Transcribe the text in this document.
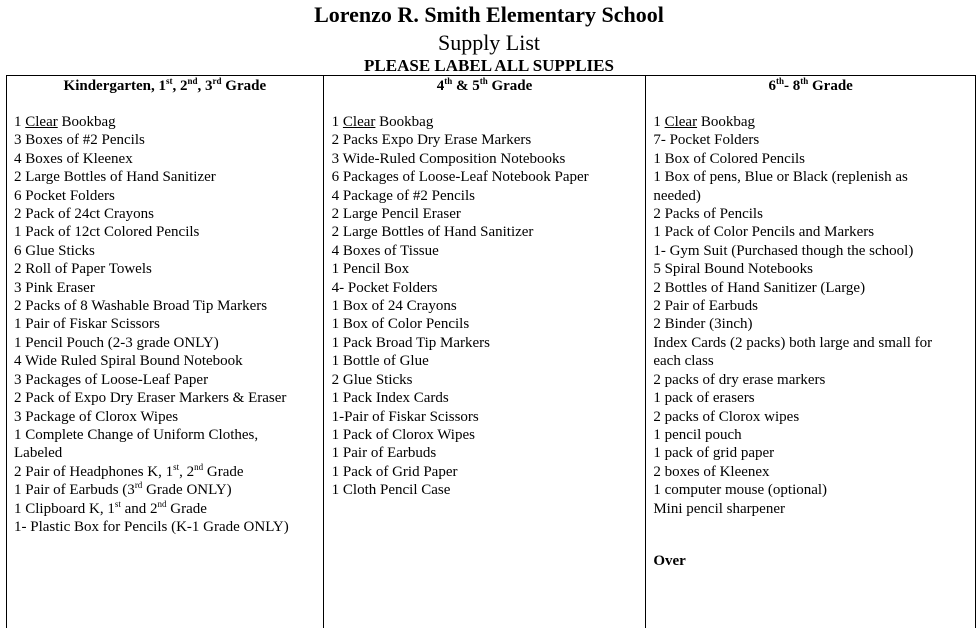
Lorenzo R. Smith Elementary School
Supply List
PLEASE LABEL ALL SUPPLIES
Kindergarten, 1st, 2nd, 3rd Grade
1 Clear Bookbag
3 Boxes of #2 Pencils
4 Boxes of Kleenex
2 Large Bottles of Hand Sanitizer
6 Pocket Folders
2 Pack of 24ct Crayons
1 Pack of 12ct Colored Pencils
6 Glue Sticks
2 Roll of Paper Towels
3 Pink Eraser
2 Packs of 8 Washable Broad Tip Markers
1 Pair of Fiskar Scissors
1 Pencil Pouch (2-3 grade ONLY)
4 Wide Ruled Spiral Bound Notebook
3 Packages of Loose-Leaf Paper
2 Pack of Expo Dry Eraser Markers & Eraser
3 Package of Clorox Wipes
1 Complete Change of Uniform Clothes,
Labeled
2 Pair of Headphones K, 1st, 2nd Grade
1 Pair of Earbuds (3rd Grade ONLY)
1 Clipboard K, 1st and 2nd Grade
1- Plastic Box for Pencils (K-1 Grade ONLY)
4th & 5th Grade
1 Clear Bookbag
2 Packs Expo Dry Erase Markers
3 Wide-Ruled Composition Notebooks
6 Packages of Loose-Leaf Notebook Paper
4 Package of #2 Pencils
2 Large Pencil Eraser
2 Large Bottles of Hand Sanitizer
4 Boxes of Tissue
1 Pencil Box
4- Pocket Folders
1 Box of 24 Crayons
1 Box of Color Pencils
1 Pack Broad Tip Markers
1 Bottle of Glue
2 Glue Sticks
1 Pack Index Cards
1-Pair of Fiskar Scissors
1 Pack of Clorox Wipes
1 Pair of Earbuds
1 Pack of Grid Paper
1 Cloth Pencil Case
6th- 8th Grade
1 Clear Bookbag
7- Pocket Folders
1 Box of Colored Pencils
1 Box of pens, Blue or Black (replenish as
needed)
2 Packs of Pencils
1 Pack of Color Pencils and Markers
1- Gym Suit (Purchased though the school)
5 Spiral Bound Notebooks
2 Bottles of Hand Sanitizer (Large)
2 Pair of Earbuds
2 Binder (3inch)
Index Cards (2 packs) both large and small for
each class
2 packs of dry erase markers
1 pack of erasers
2 packs of Clorox wipes
1 pencil pouch
1 pack of grid paper
2 boxes of Kleenex
1 computer mouse (optional)
Mini pencil sharpener
Over
